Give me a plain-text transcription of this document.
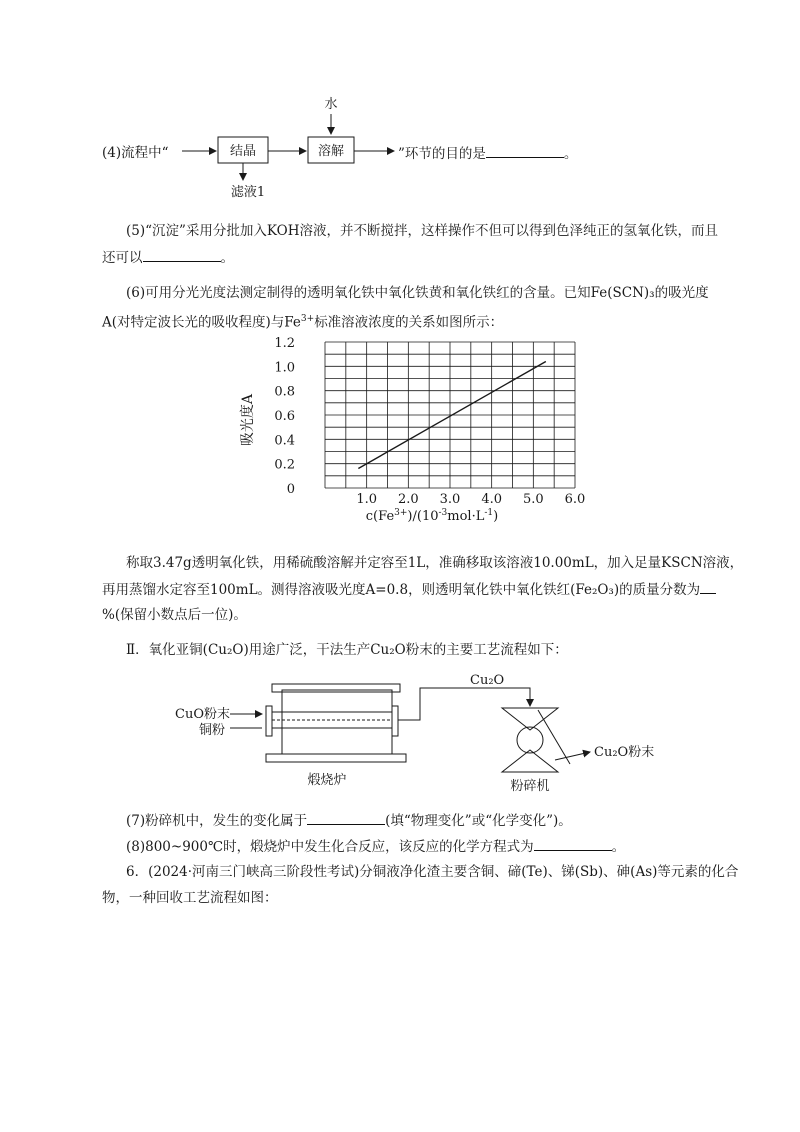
(4)流程中“	结晶	溶解
水
滤液1
”环节的目的是	。
(5)“沉淀”采用分批加入KOH溶液，并不断搅拌，这样操作不但可以得到色泽纯正的氢氧化铁，而且
还可以	。
(6)可用分光光度法测定制得的透明氧化铁中氧化铁黄和氧化铁红的含量。已知Fe(SCN)₃的吸光度
A(对特定波长光的吸收程度)与$Fe^{3+}$标准溶液浓度的关系如图所示：
0
0.2
0.4
0.6
0.8
1.0
1.2
1.0 2.0 3.0 4.0 5.0 6.0
吸光度A
$c(Fe^{3+})/(10^{-3}mol\cdot L^{-1})$
称取3.47g透明氧化铁，用稀硫酸溶解并定容至1L，准确移取该溶液10.00mL，加入足量KSCN溶液，
再用蒸馏水定容至100mL。测得溶液吸光度A=0.8，则透明氧化铁中氧化铁红(Fe₂O₃)的质量分数为
%(保留小数点后一位)。
Ⅱ．氧化亚铜(Cu₂O)用途广泛，干法生产Cu₂O粉末的主要工艺流程如下：
CuO粉末
铜粉
煅烧炉
Cu₂O
粉碎机
Cu₂O粉末
(7)粉碎机中，发生的变化属于	(填“物理变化”或“化学变化”)。
(8)800~900℃时，煅烧炉中发生化合反应，该反应的化学方程式为	。
6．(2024·河南三门峡高三阶段性考试)分铜液净化渣主要含铜、碲(Te)、锑(Sb)、砷(As)等元素的化合
物，一种回收工艺流程如图：
